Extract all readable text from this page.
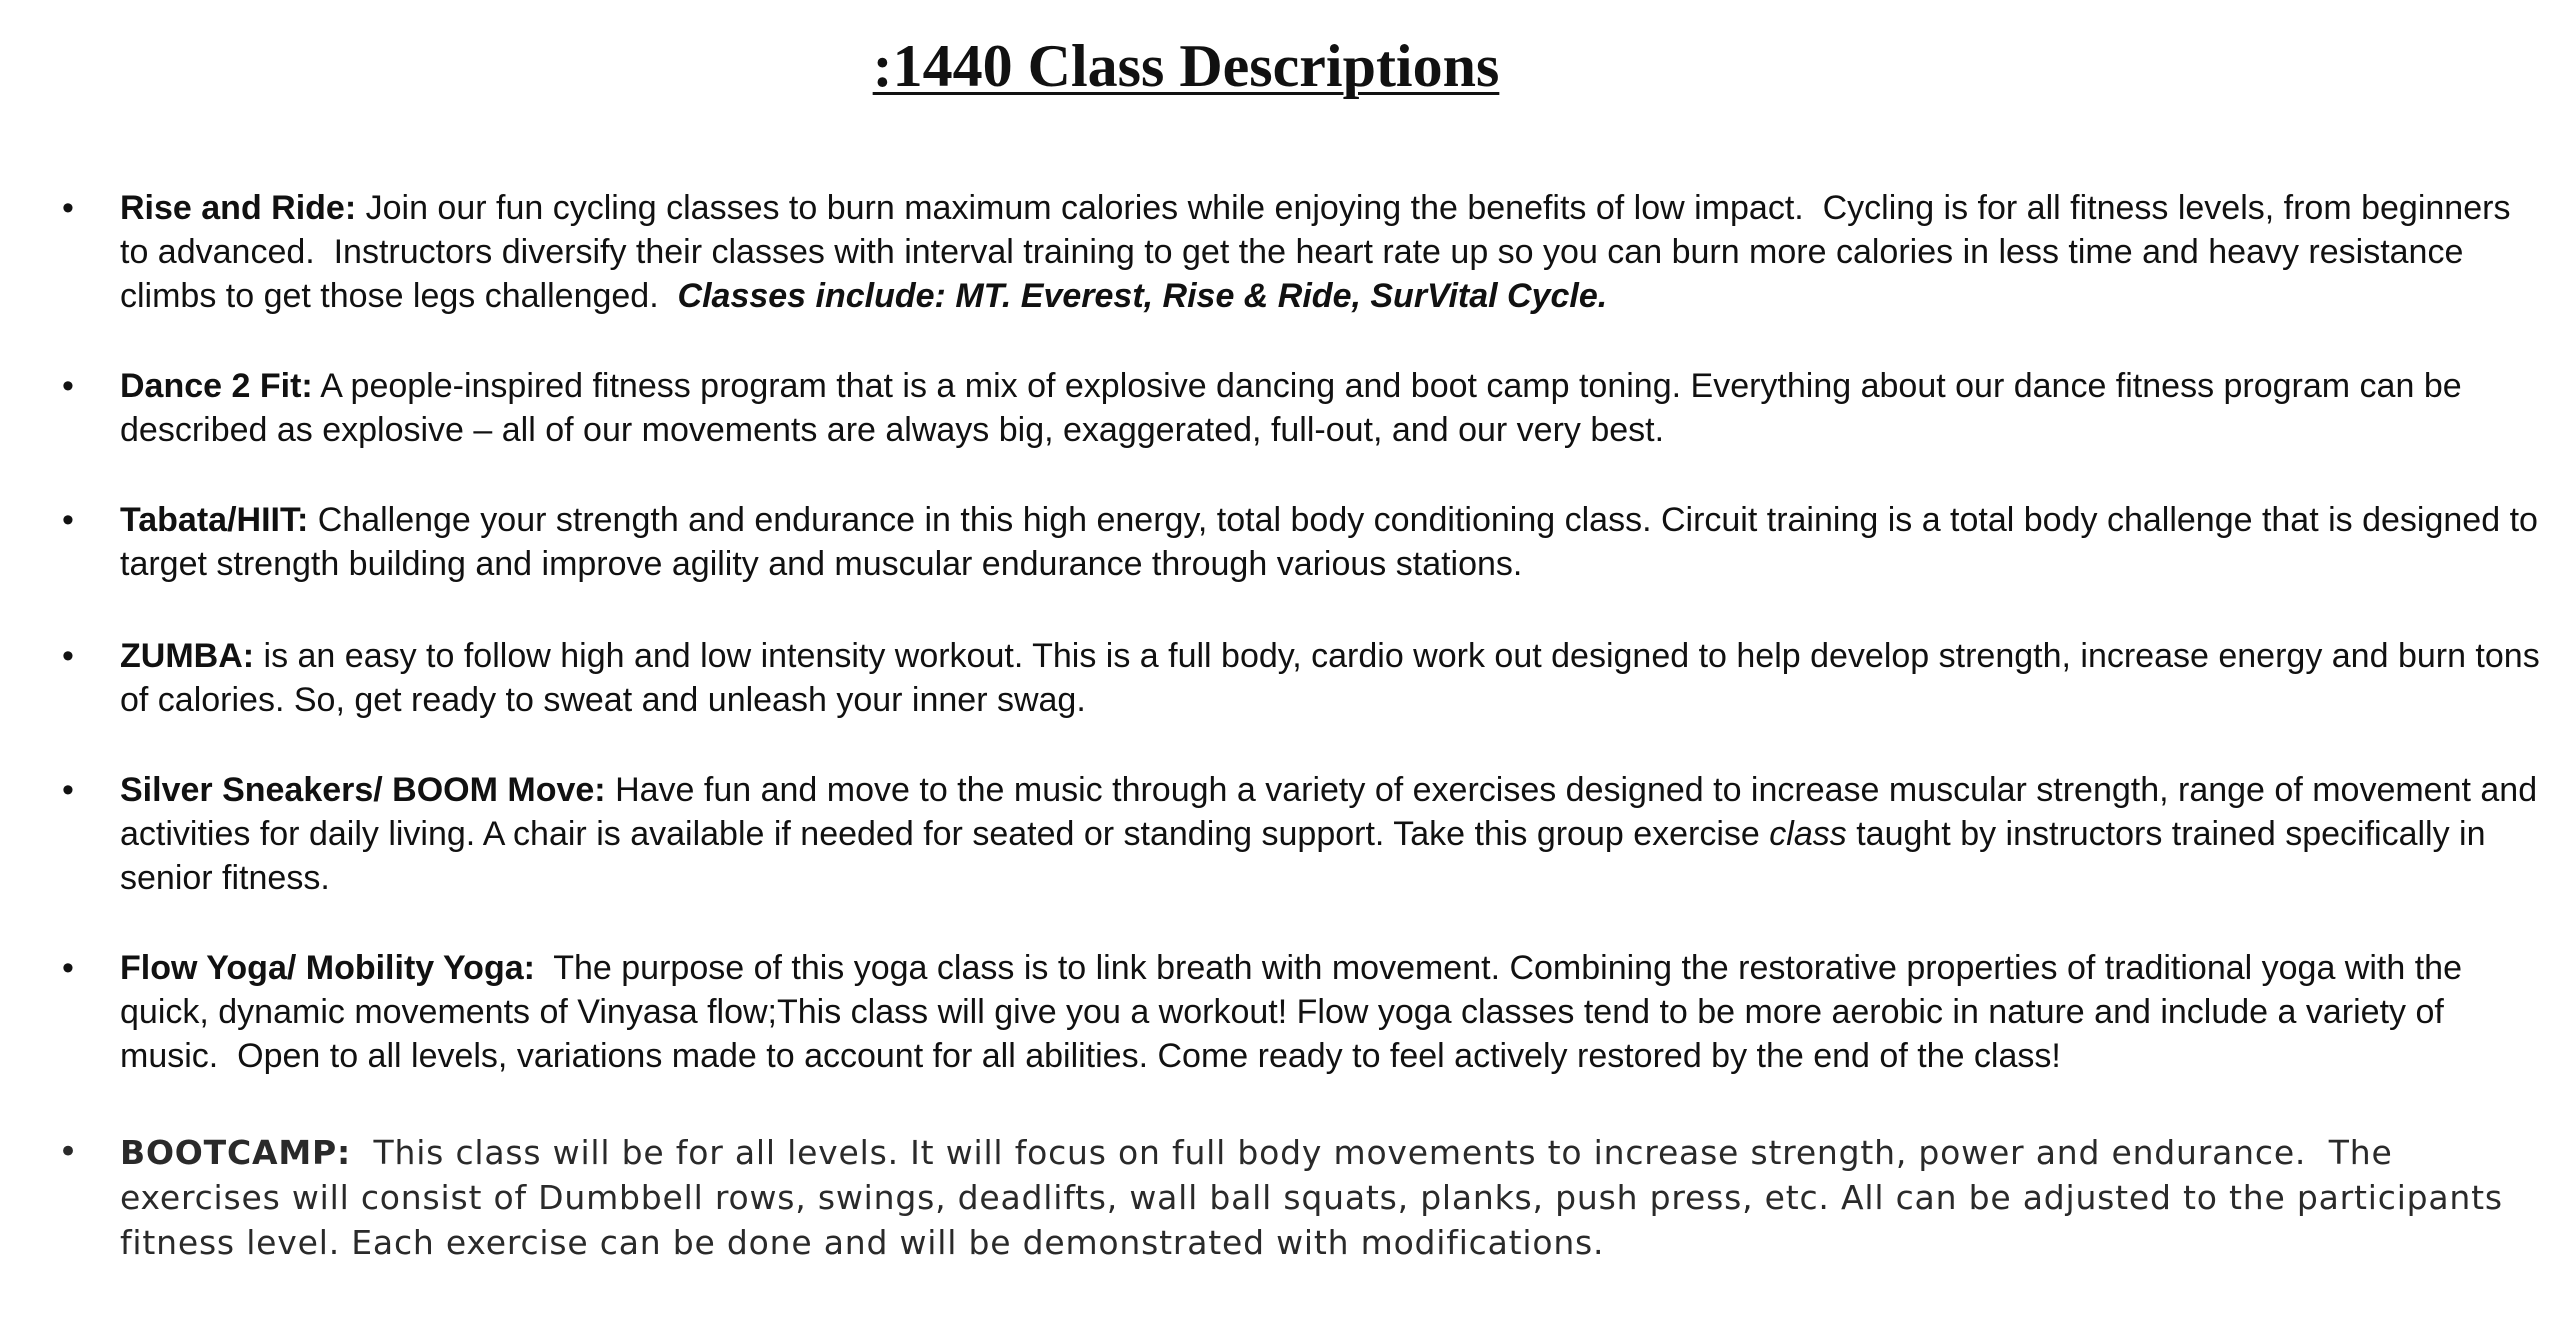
:1440 Class Descriptions

• Rise and Ride: Join our fun cycling classes to burn maximum calories while enjoying the benefits of low impact.  Cycling is for all fitness levels, from beginners to advanced.  Instructors diversify their classes with interval training to get the heart rate up so you can burn more calories in less time and heavy resistance climbs to get those legs challenged.  Classes include: MT. Everest, Rise & Ride, SurVital Cycle.

• Dance 2 Fit: A people-inspired fitness program that is a mix of explosive dancing and boot camp toning. Everything about our dance fitness program can be described as explosive – all of our movements are always big, exaggerated, full-out, and our very best.

• Tabata/HIIT: Challenge your strength and endurance in this high energy, total body conditioning class. Circuit training is a total body challenge that is designed to target strength building and improve agility and muscular endurance through various stations.

• ZUMBA: is an easy to follow high and low intensity workout. This is a full body, cardio work out designed to help develop strength, increase energy and burn tons of calories. So, get ready to sweat and unleash your inner swag.

• Silver Sneakers/ BOOM Move: Have fun and move to the music through a variety of exercises designed to increase muscular strength, range of movement and activities for daily living. A chair is available if needed for seated or standing support. Take this group exercise class taught by instructors trained specifically in senior fitness.

• Flow Yoga/ Mobility Yoga:  The purpose of this yoga class is to link breath with movement. Combining the restorative properties of traditional yoga with the quick, dynamic movements of Vinyasa flow;This class will give you a workout! Flow yoga classes tend to be more aerobic in nature and include a variety of music.  Open to all levels, variations made to account for all abilities. Come ready to feel actively restored by the end of the class!

• BOOTCAMP:  This class will be for all levels. It will focus on full body movements to increase strength, power and endurance.  The exercises will consist of Dumbbell rows, swings, deadlifts, wall ball squats, planks, push press, etc. All can be adjusted to the participants fitness level. Each exercise can be done and will be demonstrated with modifications.
